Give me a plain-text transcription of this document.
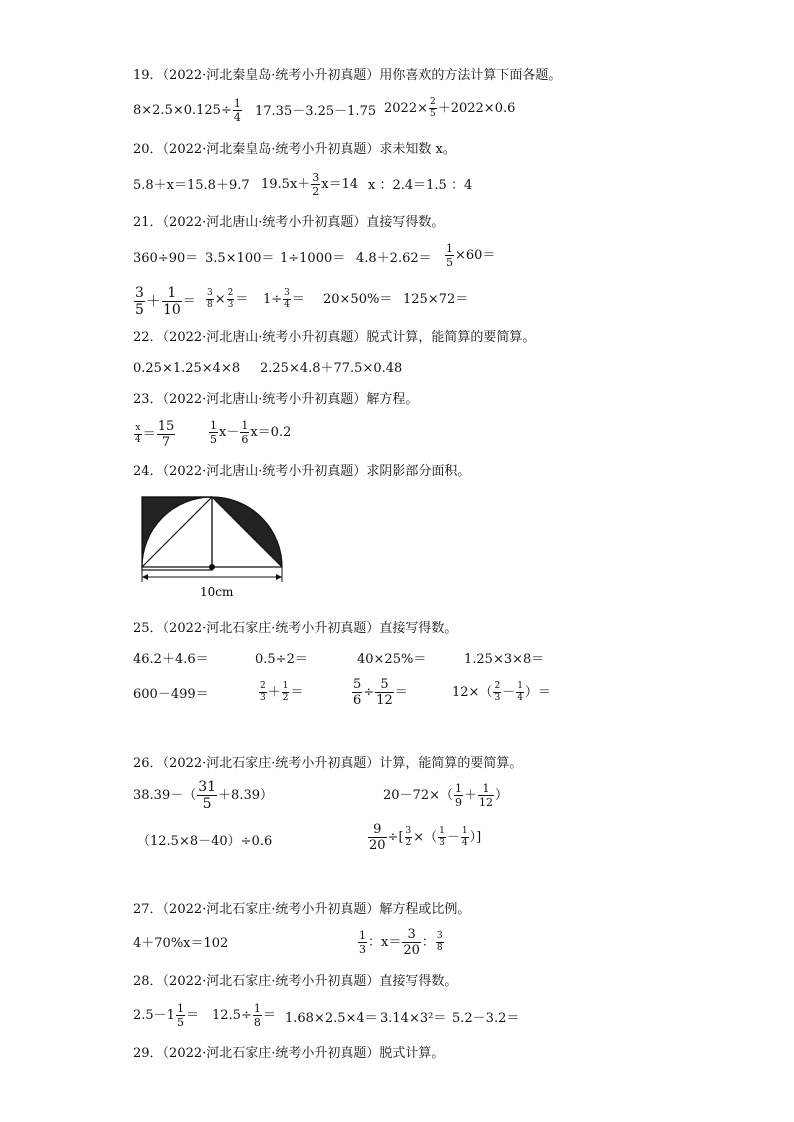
19．（2022·河北秦皇岛·统考小升初真题）用你喜欢的方法计算下面各题。
$8\times 2.5\times 0.125\div \frac{1}{4} 17.35-3.25-1.75$ $2022\times \frac{2}{5} +2022\times 0.6$
20．（2022·河北秦皇岛·统考小升初真题）求未知数 x。
5.8＋x＝15.8＋9.7 $19.5x+ \frac{3}{2} x=14$ x ：2.4＝1.5 ：4
21．（2022·河北唐山·统考小升初真题）直接写得数。
$360\div 90= 3.5\times 100= 1\div 1000= 4.8+2.62= \frac{1}{5} \times 60=$
$\frac{3}{5} + \frac{1}{10} = \frac{3}{8} \times \frac{2}{3} = 1\div \frac{3}{4} = 20\times 50\%= 125\times 72=$
22．（2022·河北唐山·统考小升初真题）脱式计算，能简算的要简算。
0.25×1.25×4×8 2.25×4.8＋77.5×0.48
23．（2022·河北唐山·统考小升初真题）解方程。
$\frac{x}{4} = \frac{15}{7}$	$\frac{1}{5} x- \frac{1}{6} x=0.2$
24．（2022·河北唐山·统考小升初真题）求阴影部分面积。
10cm
25．（2022·河北石家庄·统考小升初真题）直接写得数。
46.2＋4.6＝	0.5÷2＝	40×25%＝	1.25×3×8＝
600－499＝	$\frac{2}{3} + \frac{1}{2}$ ＝	$\frac{5}{6} \div \frac{5}{12}$ ＝	$12\times( \frac{2}{3} - \frac{1}{4}$ ）＝
26．（2022·河北石家庄·统考小升初真题）计算，能简算的要简算。
$38.39-( \frac{31}{5} +8.39)$	$20-72\times( \frac{1}{9} + \frac{1}{12}$ ）
（12.5×8－40）÷0.6	$\frac{9}{20}$ ÷[ $\frac{3}{2}$ ×（ $\frac{1}{3} - \frac{1}{4}$ ）]
27．（2022·河北石家庄·统考小升初真题）解方程或比例。
4＋70%x＝102	$\frac{1}{3}$ ：$x= \frac{3}{20}$ ： $\frac{3}{8}$
28．（2022·河北石家庄·统考小升初真题）直接写得数。
$2.5-1 \frac{1}{5} = 12.5\div \frac{1}{8} = 1.68\times 2.5\times 4= 3.14\times 3^2= 5.2-3.2=$
29．（2022·河北石家庄·统考小升初真题）脱式计算。
